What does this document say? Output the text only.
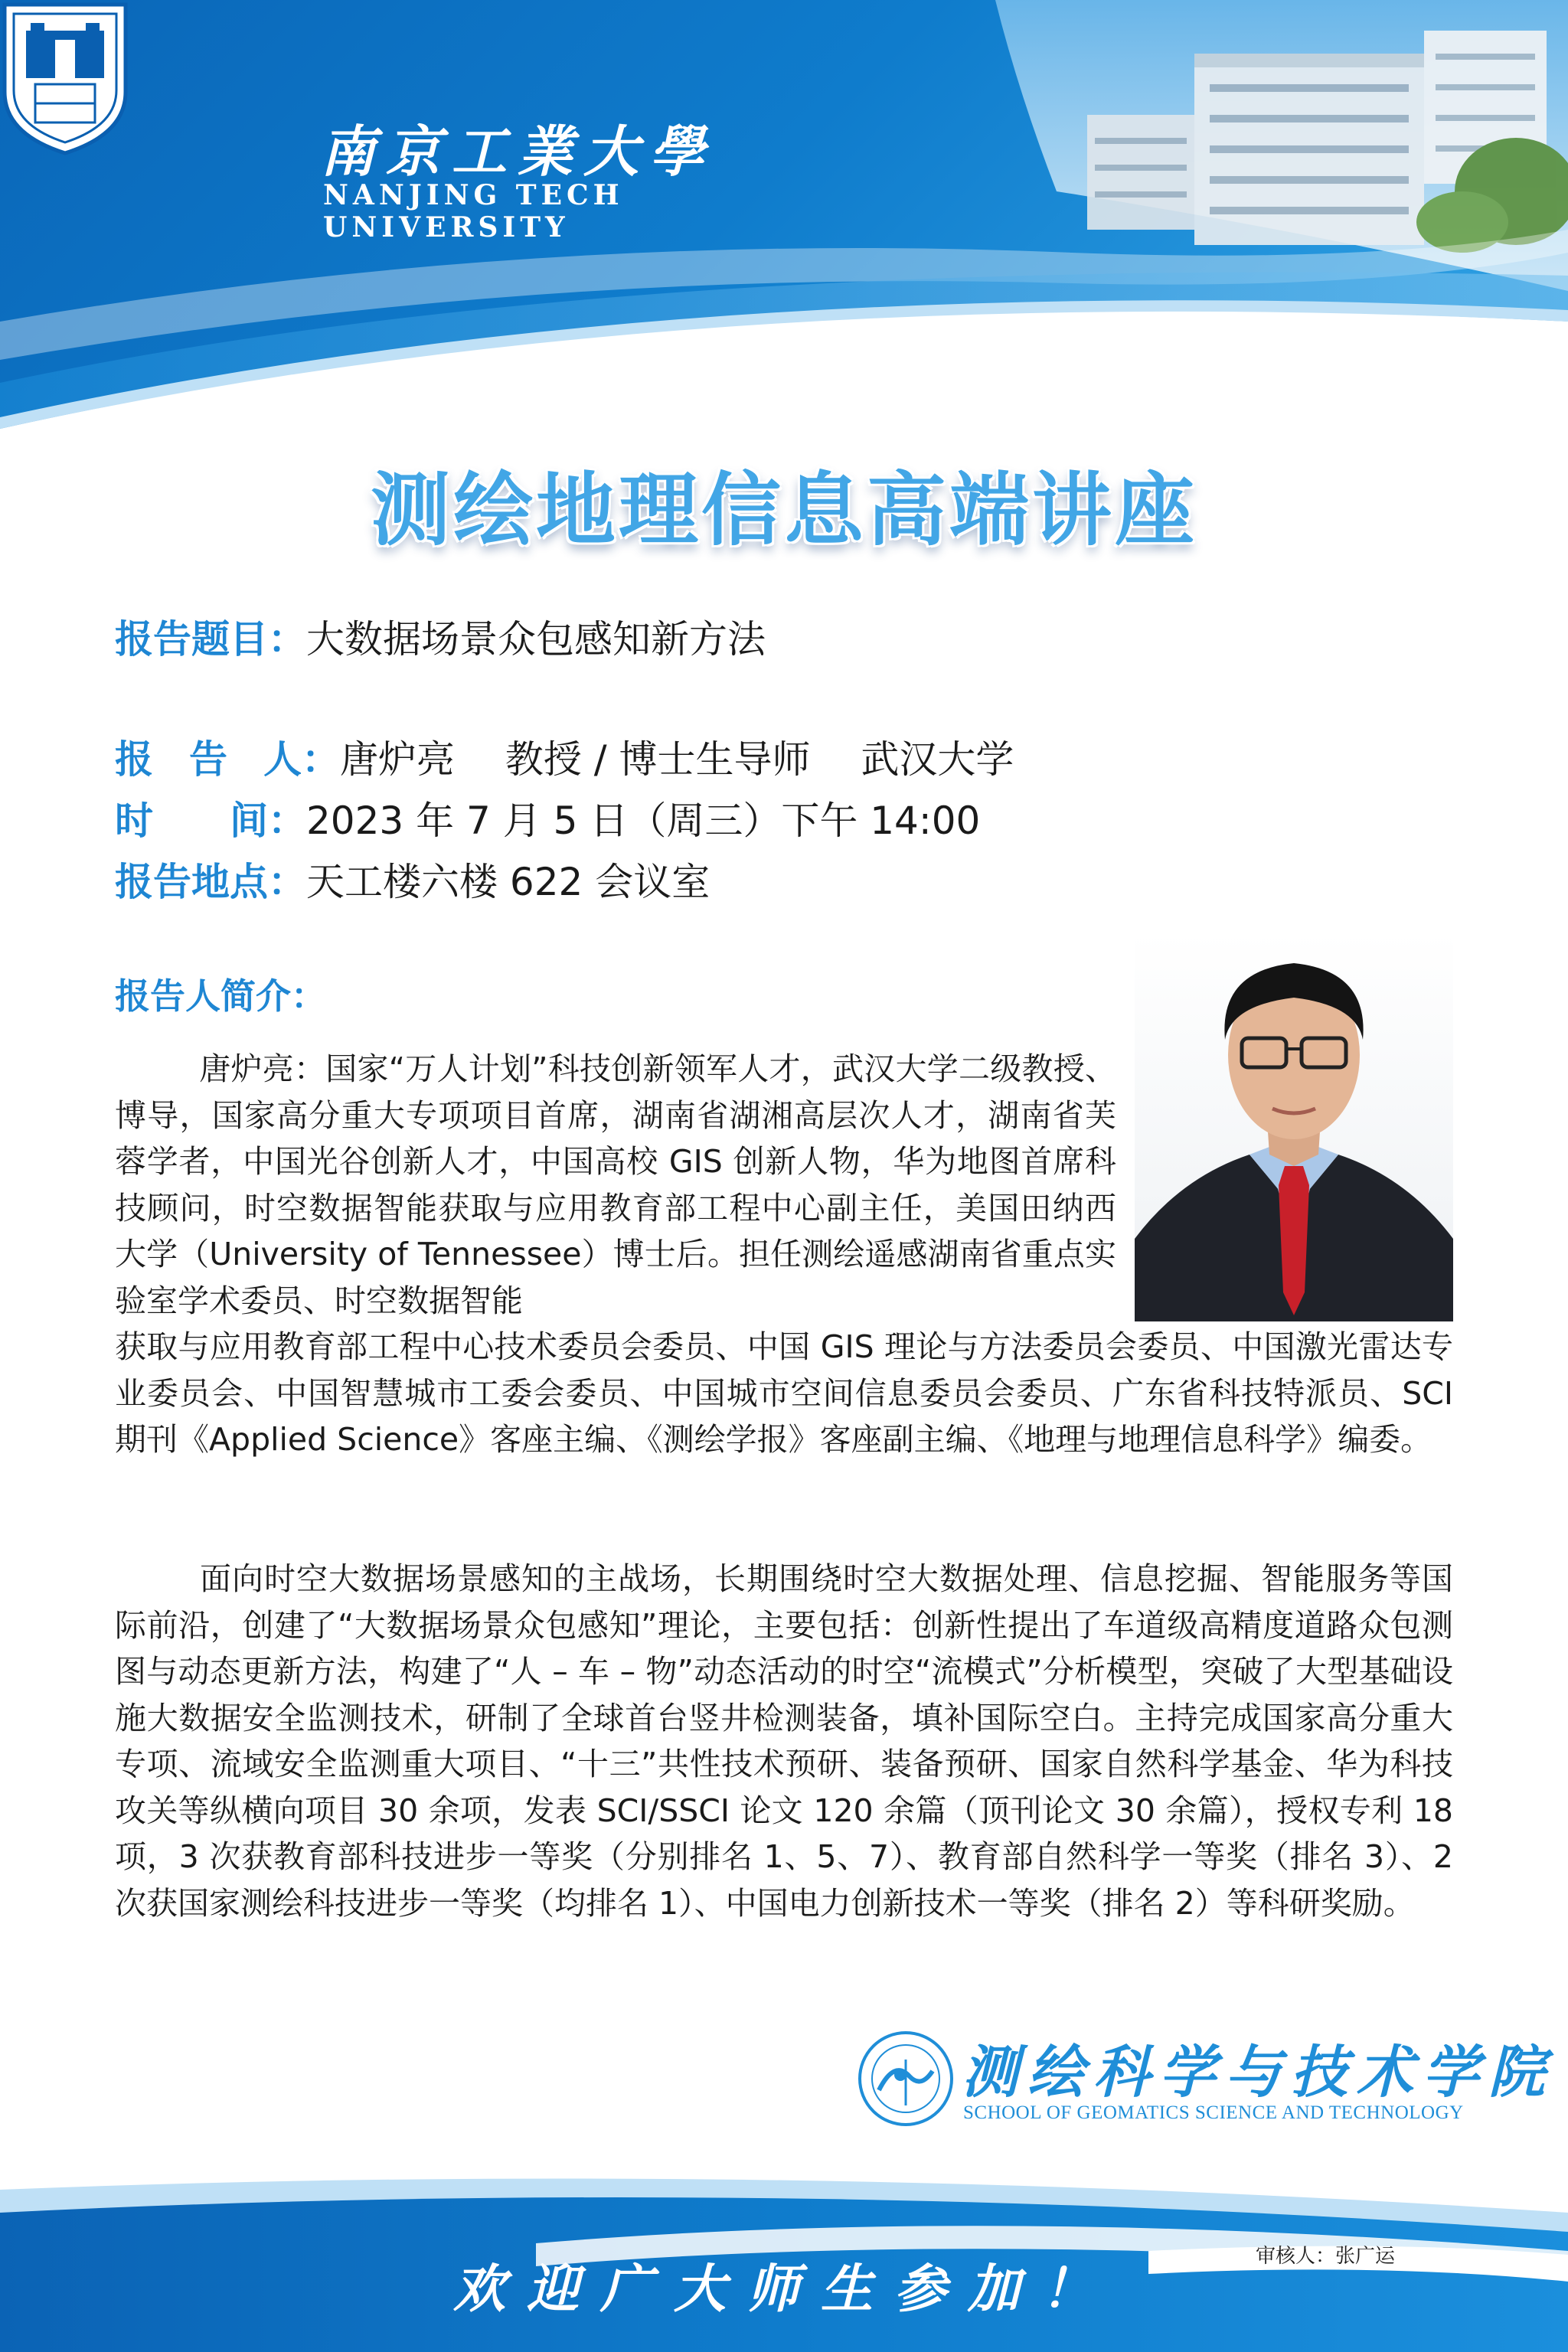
南京工業大學
NANJING TECH
UNIVERSITY
测绘地理信息高端讲座
报告题目：大数据场景众包感知新方法
报 告 人：唐炉亮　 教授 / 博士生导师 　武汉大学
时 间：2023 年 7 月 5 日（周三）下午 14:00
报告地点：天工楼六楼 622 会议室
报告人简介：
唐炉亮：国家“万人计划”科技创新领军人才，武汉大学二级教授、博导，国家高分重大专项项目首席，湖南省湖湘高层次人才，湖南省芙蓉学者，中国光谷创新人才，中国高校 GIS 创新人物，华为地图首席科技顾问，时空数据智能获取与应用教育部工程中心副主任，美国田纳西大学（University of Tennessee）博士后。担任测绘遥感湖南省重点实验室学术委员、时空数据智能
获取与应用教育部工程中心技术委员会委员、中国 GIS 理论与方法委员会委员、中国激光雷达专业委员会、中国智慧城市工委会委员、中国城市空间信息委员会委员、广东省科技特派员、SCI 期刊《Applied Science》客座主编、《测绘学报》客座副主编、《地理与地理信息科学》编委。
面向时空大数据场景感知的主战场，长期围绕时空大数据处理、信息挖掘、智能服务等国际前沿，创建了“大数据场景众包感知”理论，主要包括：创新性提出了车道级高精度道路众包测图与动态更新方法，构建了“人 – 车 – 物”动态活动的时空“流模式”分析模型，突破了大型基础设施大数据安全监测技术，研制了全球首台竖井检测装备，填补国际空白。主持完成国家高分重大专项、流域安全监测重大项目、“十三”共性技术预研、装备预研、国家自然科学基金、华为科技攻关等纵横向项目 30 余项，发表 SCI/SSCI 论文 120 余篇（顶刊论文 30 余篇），授权专利 18 项，3 次获教育部科技进步一等奖（分别排名 1、5、7）、教育部自然科学一等奖（排名 3）、2 次获国家测绘科技进步一等奖（均排名 1）、中国电力创新技术一等奖（排名 2）等科研奖励。
测绘科学与技术学院
SCHOOL OF GEOMATICS SCIENCE AND TECHNOLOGY
欢迎广大师生参加！
审核人：张广运
